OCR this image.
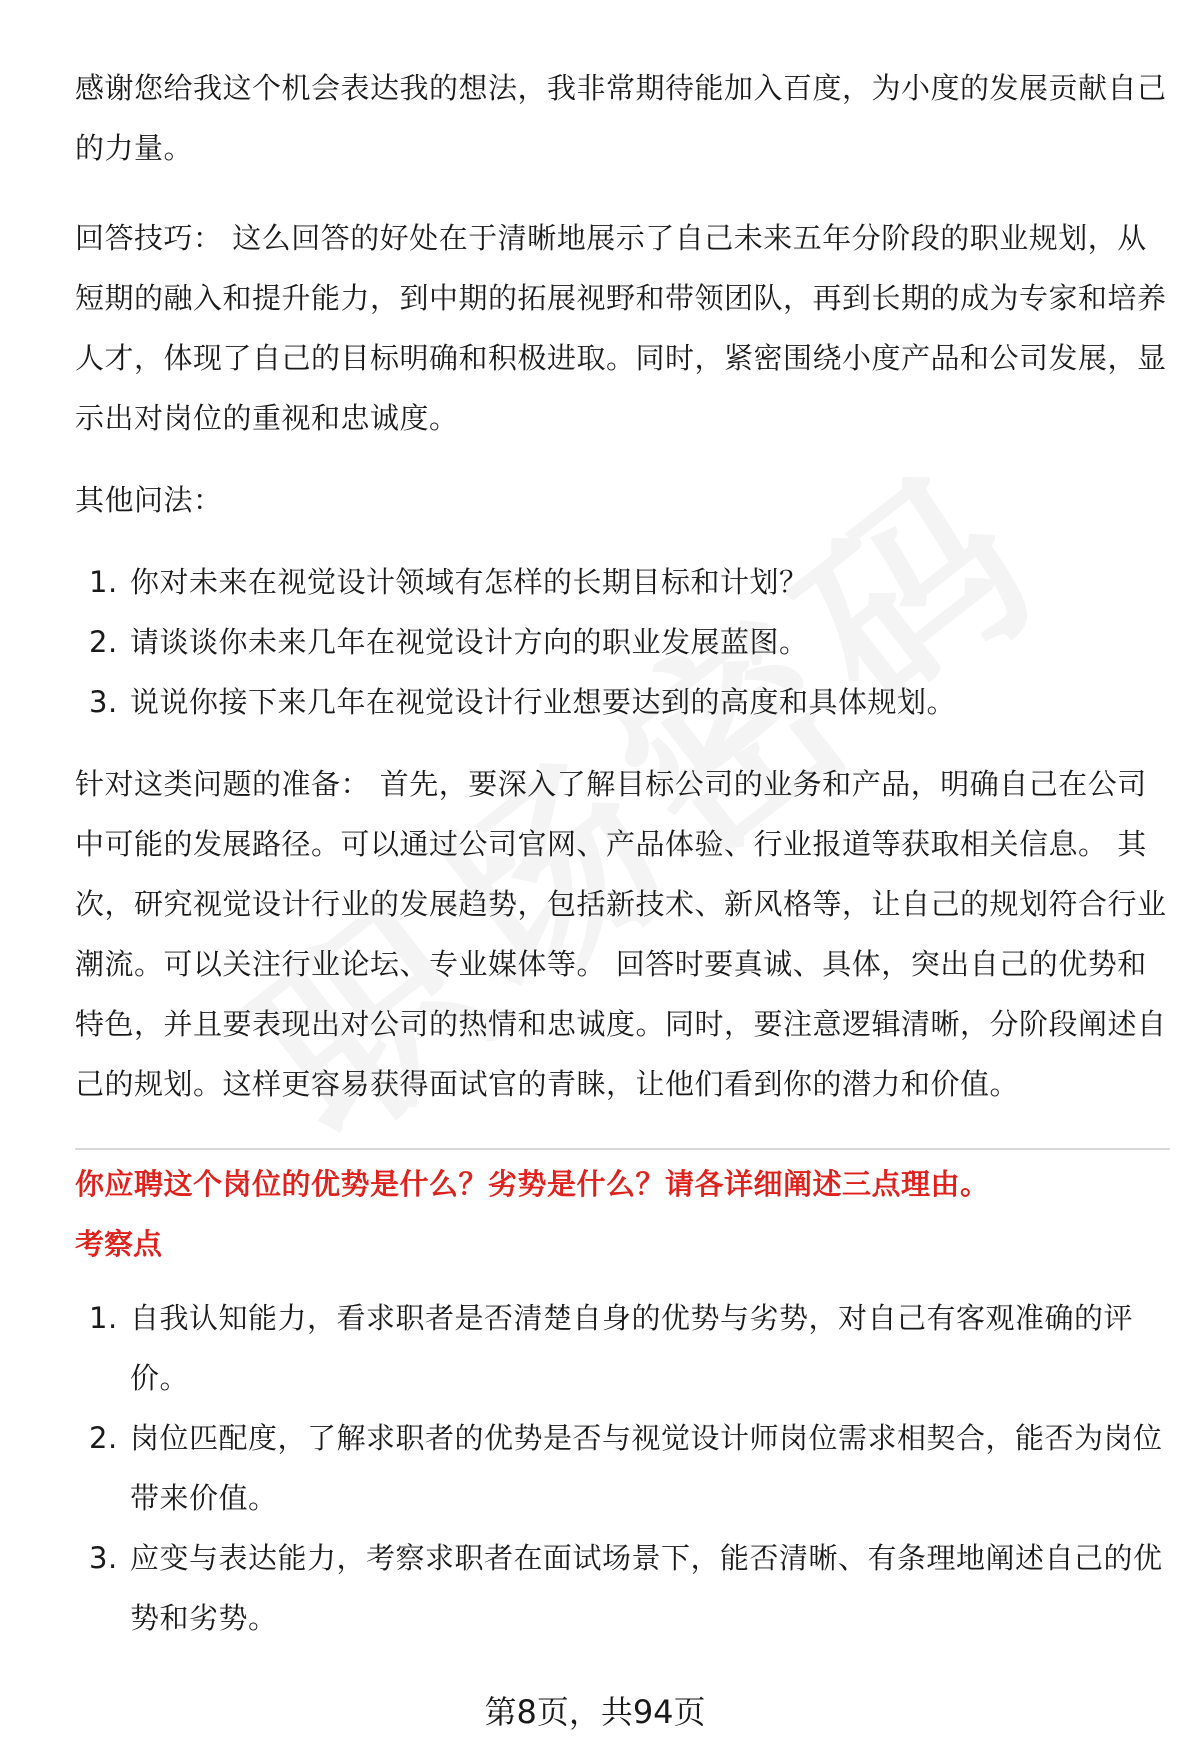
感谢您给我这个机会表达我的想法，我非常期待能加入百度，为小度的发展贡献自己的力量。

回答技巧： 这么回答的好处在于清晰地展示了自己未来五年分阶段的职业规划，从短期的融入和提升能力，到中期的拓展视野和带领团队，再到长期的成为专家和培养人才，体现了自己的目标明确和积极进取。同时，紧密围绕小度产品和公司发展，显示出对岗位的重视和忠诚度。

其他问法：

1. 你对未来在视觉设计领域有怎样的长期目标和计划？
2. 请谈谈你未来几年在视觉设计方向的职业发展蓝图。
3. 说说你接下来几年在视觉设计行业想要达到的高度和具体规划。

针对这类问题的准备： 首先，要深入了解目标公司的业务和产品，明确自己在公司中可能的发展路径。可以通过公司官网、产品体验、行业报道等获取相关信息。 其次，研究视觉设计行业的发展趋势，包括新技术、新风格等，让自己的规划符合行业潮流。可以关注行业论坛、专业媒体等。 回答时要真诚、具体，突出自己的优势和特色，并且要表现出对公司的热情和忠诚度。同时，要注意逻辑清晰，分阶段阐述自己的规划。这样更容易获得面试官的青睐，让他们看到你的潜力和价值。

你应聘这个岗位的优势是什么？劣势是什么？请各详细阐述三点理由。

考察点

1. 自我认知能力，看求职者是否清楚自身的优势与劣势，对自己有客观准确的评价。
2. 岗位匹配度，了解求职者的优势是否与视觉设计师岗位需求相契合，能否为岗位带来价值。
3. 应变与表达能力，考察求职者在面试场景下，能否清晰、有条理地阐述自己的优势和劣势。
第8页，共94页
